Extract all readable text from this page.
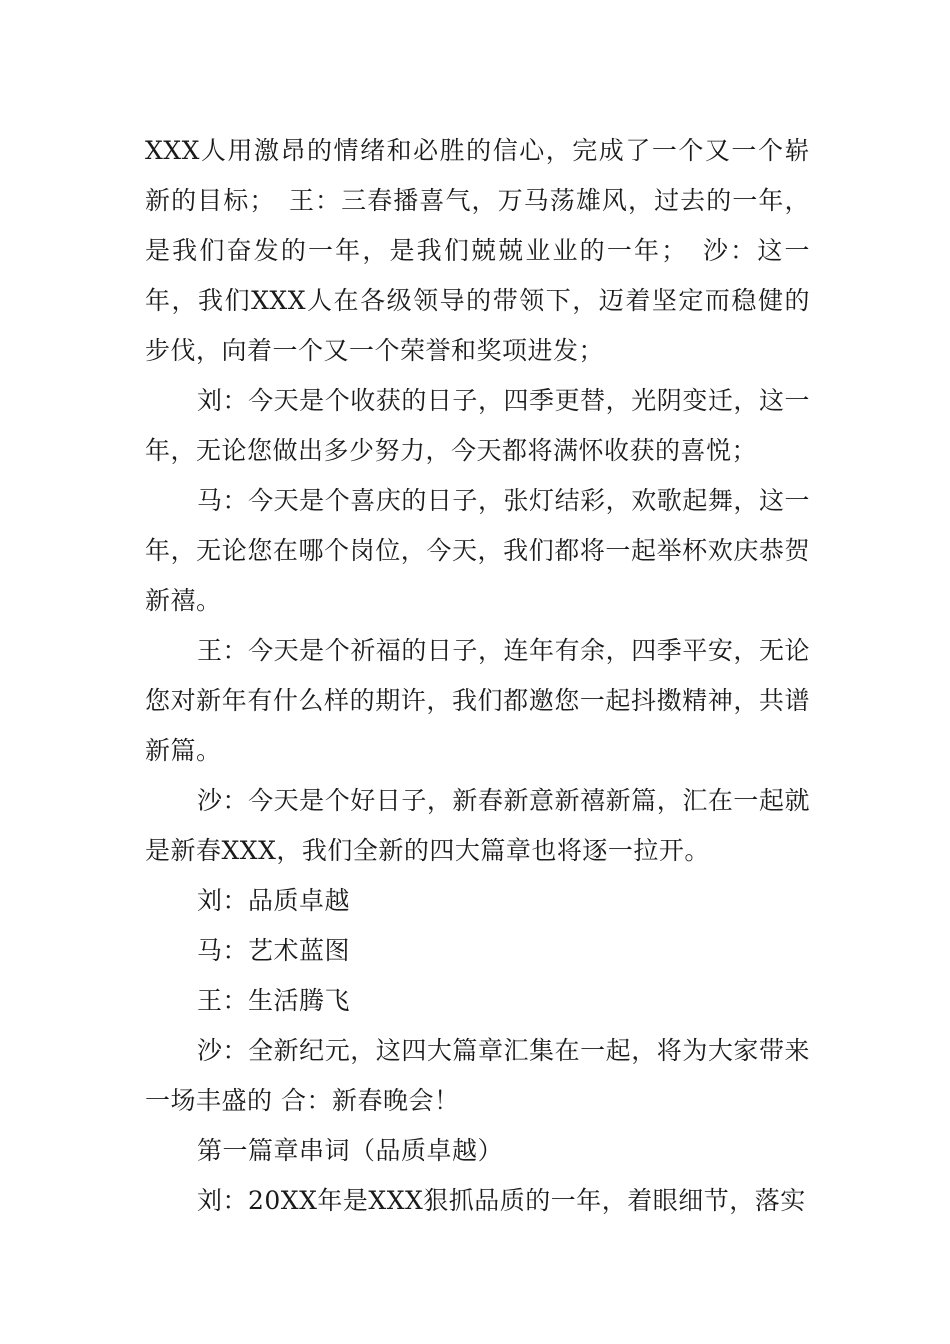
XXX人用激昂的情绪和必胜的信心，完成了一个又一个崭新的目标；　王：三春播喜气，万马荡雄风，过去的一年，是我们奋发的一年，是我们兢兢业业的一年；　沙：这一年，我们XXX人在各级领导的带领下，迈着坚定而稳健的步伐，向着一个又一个荣誉和奖项进发；

刘：今天是个收获的日子，四季更替，光阴变迁，这一年，无论您做出多少努力，今天都将满怀收获的喜悦；

马：今天是个喜庆的日子，张灯结彩，欢歌起舞，这一年，无论您在哪个岗位，今天，我们都将一起举杯欢庆恭贺新禧。

王：今天是个祈福的日子，连年有余，四季平安，无论您对新年有什么样的期许，我们都邀您一起抖擞精神，共谱新篇。

沙：今天是个好日子，新春新意新禧新篇，汇在一起就是新春XXX，我们全新的四大篇章也将逐一拉开。

刘：品质卓越

马：艺术蓝图

王：生活腾飞

沙：全新纪元，这四大篇章汇集在一起，将为大家带来一场丰盛的 合：新春晚会！

第一篇章串词（品质卓越）

刘：20XX年是XXX狠抓品质的一年，着眼细节，落实
